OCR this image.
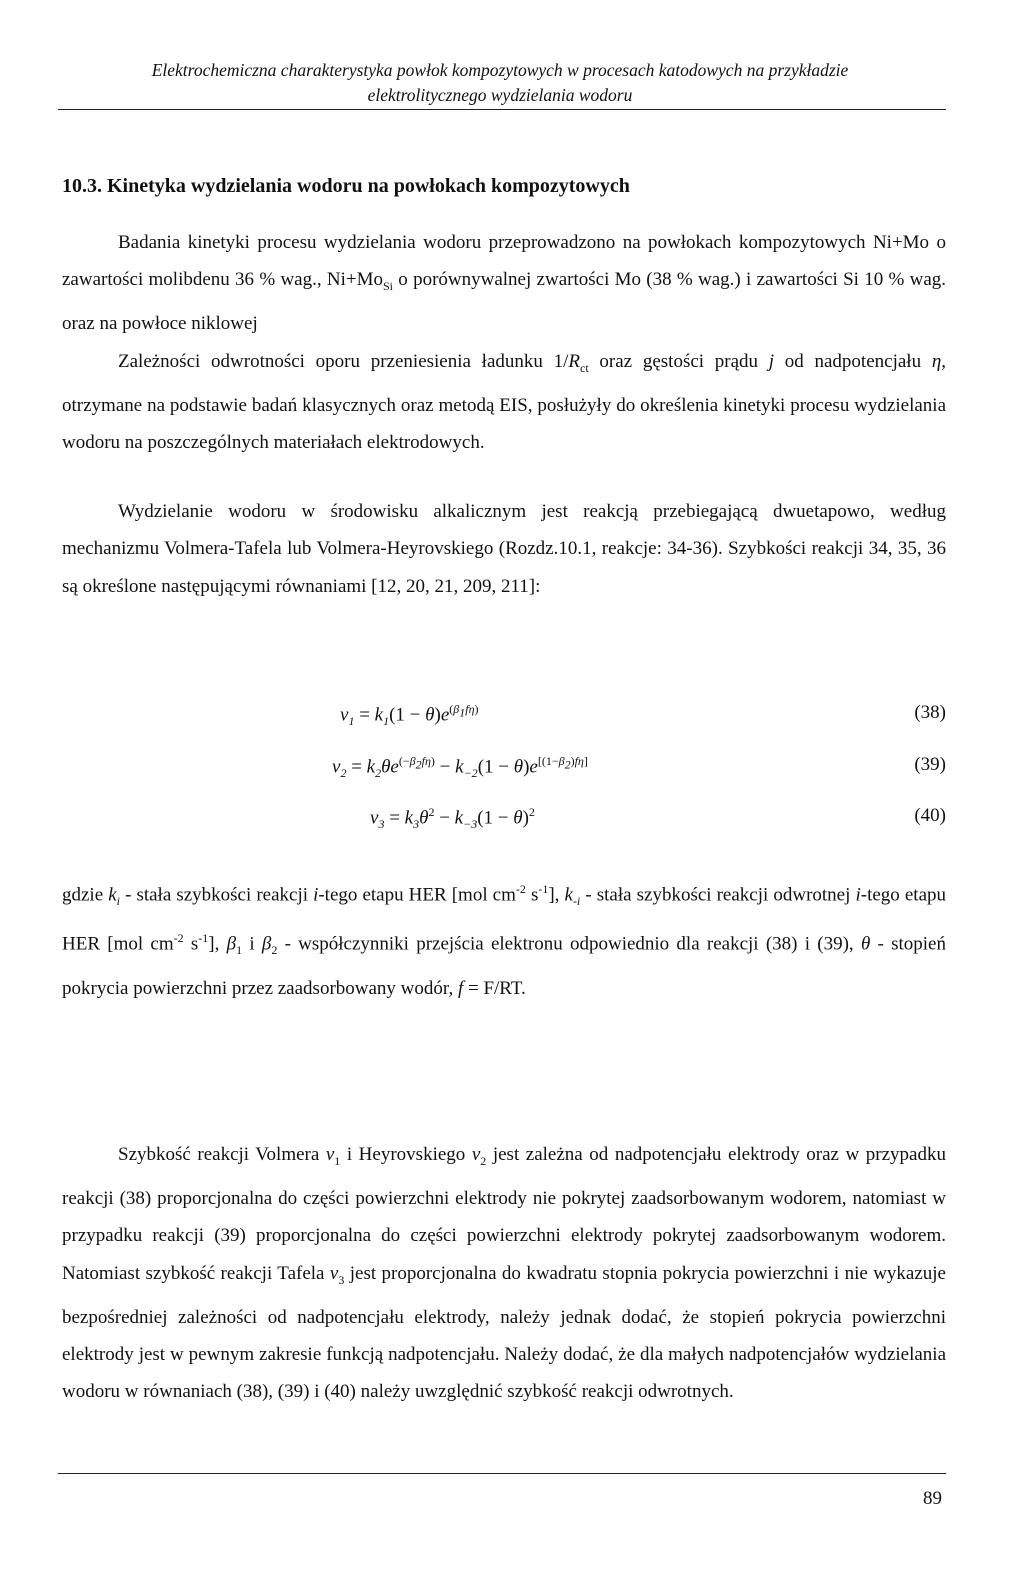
Elektrochemiczna charakterystyka powłok kompozytowych w procesach katodowych na przykładzie
elektrolitycznego wydzielania wodoru
10.3. Kinetyka wydzielania wodoru na powłokach kompozytowych

Badania kinetyki procesu wydzielania wodoru przeprowadzono na powłokach kompozytowych Ni+Mo o zawartości molibdenu 36 % wag., $Ni+Mo_{Si}$ o porównywalnej zwartości Mo (38 % wag.) i zawartości Si 10 % wag. oraz na powłoce niklowej

Zależności odwrotności oporu przeniesienia ładunku $1/R_{ct}$ oraz gęstości prądu j od nadpotencjału η, otrzymane na podstawie badań klasycznych oraz metodą EIS, posłużyły do określenia kinetyki procesu wydzielania wodoru na poszczególnych materiałach elektrodowych.

Wydzielanie wodoru w środowisku alkalicznym jest reakcją przebiegającą dwuetapowo, według mechanizmu Volmera-Tafela lub Volmera-Heyrovskiego (Rozdz.10.1, reakcje: 34-36). Szybkości reakcji 34, 35, 36 są określone następującymi równaniami [12, 20, 21, 209, 211]:

$v_1 = k_1(1 - \theta)e^{(\beta_1f\eta)}$	(38)
$v_2 = k_2\theta e^{(-\beta_2f\eta)} - k_{-2}(1 - \theta)e[(1-\beta 2)f\eta]$	(39)
$v_3 = k_3\theta^2 - k_{-3}(1 - \theta)^2$	(40)

gdzie $k_i$ - stała szybkości reakcji i-tego etapu HER [mol $cm^{-2}$ $s^{-1}$], $k_{-i}$ - stała szybkości reakcji odwrotnej i-tego etapu HER [mol $cm^{-2}$ $s^{-1}$], $\beta_1$ i $\beta_2$ - współczynniki przejścia elektronu odpowiednio dla reakcji (38) i (39), θ - stopień pokrycia powierzchni przez zaadsorbowany wodór, f = F/RT.

Szybkość reakcji Volmera $v_1$ i Heyrovskiego $v_2$ jest zależna od nadpotencjału elektrody oraz w przypadku reakcji (38) proporcjonalna do części powierzchni elektrody nie pokrytej zaadsorbowanym wodorem, natomiast w przypadku reakcji (39) proporcjonalna do części powierzchni elektrody pokrytej zaadsorbowanym wodorem. Natomiast szybkość reakcji Tafela $v_3$ jest proporcjonalna do kwadratu stopnia pokrycia powierzchni i nie wykazuje bezpośredniej zależności od nadpotencjału elektrody, należy jednak dodać, że stopień pokrycia powierzchni elektrody jest w pewnym zakresie funkcją nadpotencjału. Należy dodać, że dla małych nadpotencjałów wydzielania wodoru w równaniach (38), (39) i (40) należy uwzględnić szybkość reakcji odwrotnych.

89
